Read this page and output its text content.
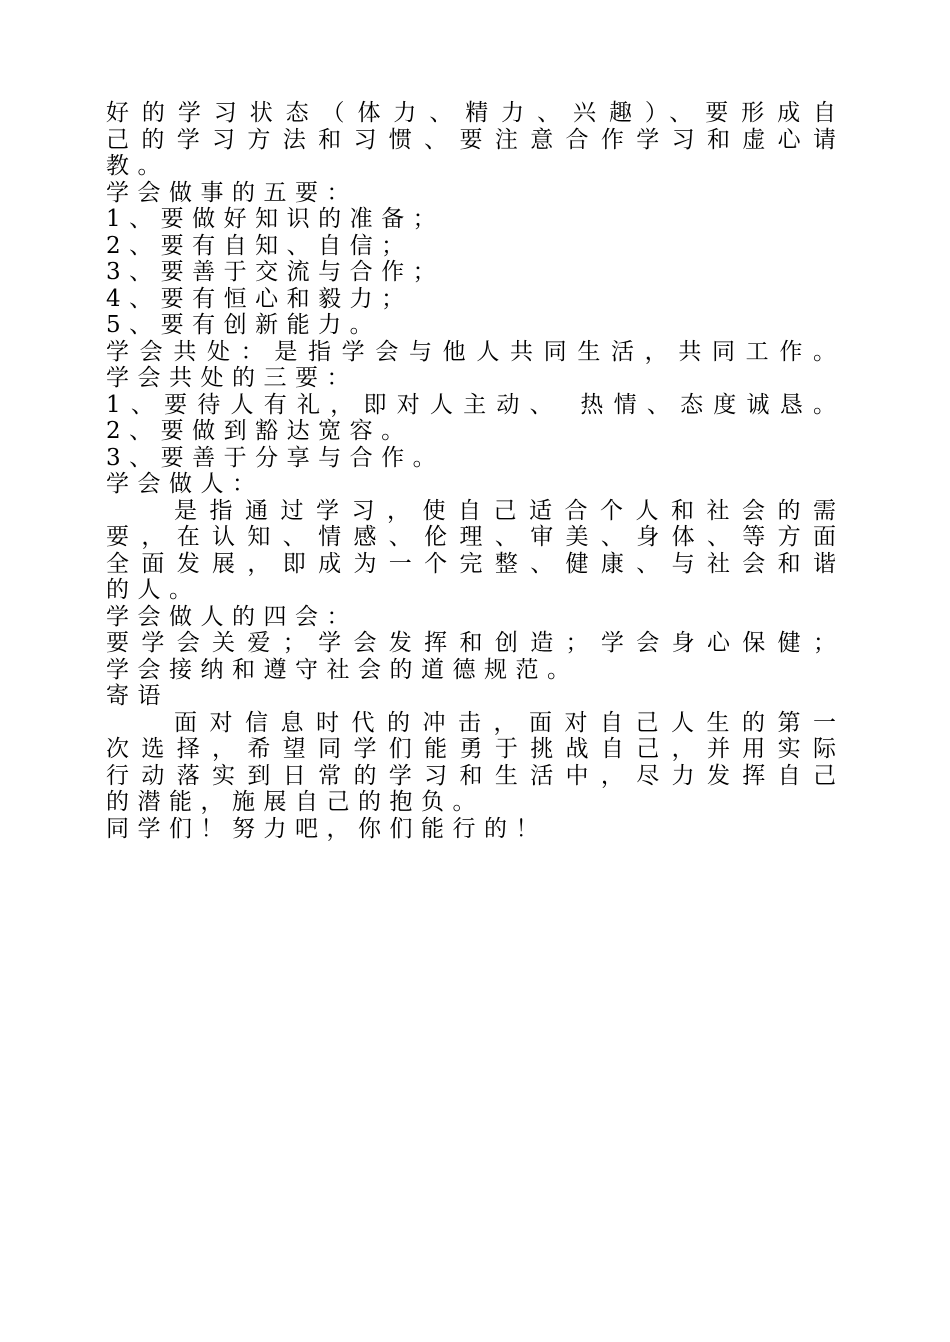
好的学习状态（体力、精力、兴趣）、要形成自
己的学习方法和习惯、要注意合作学习和虚心请
教。
学会做事的五要：
1、要做好知识的准备；
2、要有自知、自信；
3、要善于交流与合作；
4、要有恒心和毅力；
5、要有创新能力。
学会共处：是指学会与他人共同生活，共同工作。
学会共处的三要：
1、要待人有礼，即对人主动、 热情、态度诚恳。
2、要做到豁达宽容。
3、要善于分享与合作。
学会做人：
是指通过学习，使自己适合个人和社会的需
要，在认知、情感、伦理、审美、身体、等方面
全面发展，即成为一个完整、健康、与社会和谐
的人。
学会做人的四会：
要学会关爱；学会发挥和创造；学会身心保健；
学会接纳和遵守社会的道德规范。
寄语
面对信息时代的冲击，面对自己人生的第一
次选择，希望同学们能勇于挑战自己，并用实际
行动落实到日常的学习和生活中，尽力发挥自己
的潜能，施展自己的抱负。
同学们！努力吧，你们能行的！
